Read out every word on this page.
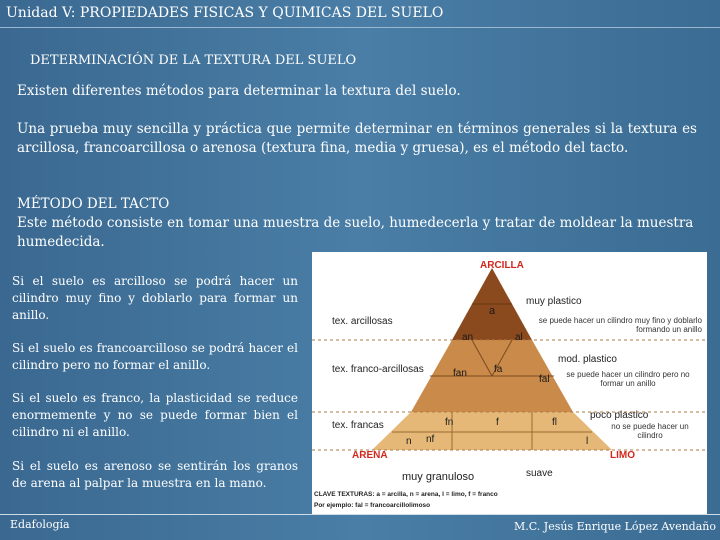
Unidad V: PROPIEDADES FISICAS Y QUIMICAS DEL SUELO
DETERMINACIÓN DE LA TEXTURA DEL SUELO
Existen diferentes métodos para determinar la textura del suelo.
Una prueba muy sencilla y práctica que permite determinar en términos generales si la textura es arcillosa, francoarcillosa o arenosa (textura fina, media y gruesa), es el método del tacto.
MÉTODO DEL TACTO
Este método consiste en tomar una muestra de suelo, humedecerla y tratar de moldear la muestra humedecida.
Si el suelo es arcilloso se podrá hacer un cilindro muy fino y doblarlo para formar un anillo.
Si el suelo es francoarcilloso se podrá hacer el cilindro pero no formar el anillo.
Si el suelo es franco, la plasticidad se reduce enormemente y no se puede formar bien el cilindro ni el anillo.
Si el suelo es arenoso se sentirán los granos de arena al palpar la muestra en la mano.
ARCILLA
ARENA	LIMO
tex. arcillosas
tex. franco-arcillosas
tex. francas
muy plastico
mod. plastico
poco plastico
se puede hacer un cilindro muy fino y doblarlo formando un anillo
se puede hacer un cilindro pero no formar un anillo
no se puede hacer un cilindro
muy granuloso	suave
a
an	al
fan	fa
fal
fn	f	fl
n nf	l
CLAVE TEXTURAS: a = arcilla, n = arena, l = limo, f = franco
Por ejemplo: fal = francoarcillolimoso
Edafología	M.C. Jesús Enrique López Avendaño
